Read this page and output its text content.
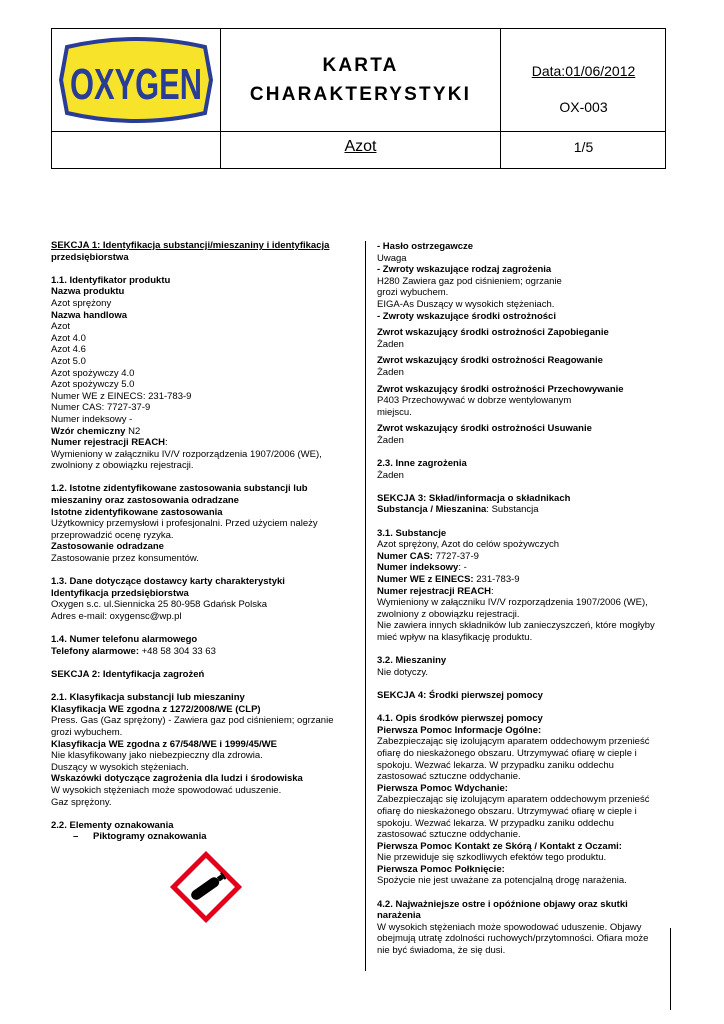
OXYGEN	KARTA
CHARAKTERYSTYKI
Data:01/06/2012
OX-003
Azot	1/5

SEKCJA 1: Identyfikacja substancji/mieszaniny i identyfikacja

przedsiębiorstwa

1.1. Identyfikator produktu

Nazwa produktu

Azot sprężony

Nazwa handlowa

Azot

Azot 4.0

Azot 4.6

Azot 5.0

Azot spożywczy 4.0

Azot spożywczy 5.0

Numer WE z EINECS: 231-783-9

Numer CAS: 7727-37-9

Numer indeksowy -

Wzór chemiczny N2

Numer rejestracji REACH:

Wymieniony w załączniku IV/V rozporządzenia 1907/2006 (WE),

zwolniony z obowiązku rejestracji.

1.2. Istotne zidentyfikowane zastosowania substancji lub

mieszaniny oraz zastosowania odradzane

Istotne zidentyfikowane zastosowania

Użytkownicy przemysłowi i profesjonalni. Przed użyciem należy

przeprowadzić ocenę ryzyka.

Zastosowanie odradzane

Zastosowanie przez konsumentów.

1.3. Dane dotyczące dostawcy karty charakterystyki

Identyfikacja przedsiębiorstwa

Oxygen s.c. ul.Siennicka 25 80-958 Gdańsk Polska

Adres e-mail: oxygensc@wp.pl

1.4. Numer telefonu alarmowego

Telefony alarmowe: +48 58 304 33 63

SEKCJA 2: Identyfikacja zagrożeń

2.1. Klasyfikacja substancji lub mieszaniny

Klasyfikacja WE zgodna z 1272/2008/WE (CLP)

Press. Gas (Gaz sprężony) - Zawiera gaz pod ciśnieniem; ogrzanie

grozi wybuchem.

Klasyfikacja WE zgodna z 67/548/WE i 1999/45/WE

Nie klasyfikowany jako niebezpieczny dla zdrowia.

Duszący w wysokich stężeniach.

Wskazówki dotyczące zagrożenia dla ludzi i środowiska

W wysokich stężeniach może spowodować uduszenie.

Gaz sprężony.

2.2. Elementy oznakowania

– Piktogramy oznakowania

- Hasło ostrzegawcze

Uwaga

- Zwroty wskazujące rodzaj zagrożenia

H280 Zawiera gaz pod ciśnieniem; ogrzanie

grozi wybuchem.

EIGA-As Duszący w wysokich stężeniach.

- Zwroty wskazujące środki ostrożności

Zwrot wskazujący środki ostrożności Zapobieganie

Żaden

Zwrot wskazujący środki ostrożności Reagowanie

Żaden

Zwrot wskazujący środki ostrożności Przechowywanie

P403 Przechowywać w dobrze wentylowanym

miejscu.

Zwrot wskazujący środki ostrożności Usuwanie

Żaden

2.3. Inne zagrożenia

Żaden

SEKCJA 3: Skład/informacja o składnikach

Substancja / Mieszanina: Substancja

3.1. Substancje

Azot sprężony, Azot do celów spożywczych

Numer CAS: 7727-37-9

Numer indeksowy: -

Numer WE z EINECS: 231-783-9

Numer rejestracji REACH:

Wymieniony w załączniku IV/V rozporządzenia 1907/2006 (WE),

zwolniony z obowiązku rejestracji.

Nie zawiera innych składników lub zanieczyszczeń, które mogłyby

mieć wpływ na klasyfikację produktu.

3.2. Mieszaniny

Nie dotyczy.

SEKCJA 4: Środki pierwszej pomocy

4.1. Opis środków pierwszej pomocy

Pierwsza Pomoc Informacje Ogólne:

Zabezpieczając się izolującym aparatem oddechowym przenieść

ofiarę do nieskażonego obszaru. Utrzymywać ofiarę w cieple i

spokoju. Wezwać lekarza. W przypadku zaniku oddechu

zastosować sztuczne oddychanie.

Pierwsza Pomoc Wdychanie:

Zabezpieczając się izolującym aparatem oddechowym przenieść

ofiarę do nieskażonego obszaru. Utrzymywać ofiarę w cieple i

spokoju. Wezwać lekarza. W przypadku zaniku oddechu

zastosować sztuczne oddychanie.

Pierwsza Pomoc Kontakt ze Skórą / Kontakt z Oczami:

Nie przewiduje się szkodliwych efektów tego produktu.

Pierwsza Pomoc Połknięcie:

Spożycie nie jest uważane za potencjalną drogę narażenia.

4.2. Najważniejsze ostre i opóźnione objawy oraz skutki

narażenia

W wysokich stężeniach może spowodować uduszenie. Objawy

obejmują utratę zdolności ruchowych/przytomności. Ofiara może

nie być świadoma, że się dusi.
